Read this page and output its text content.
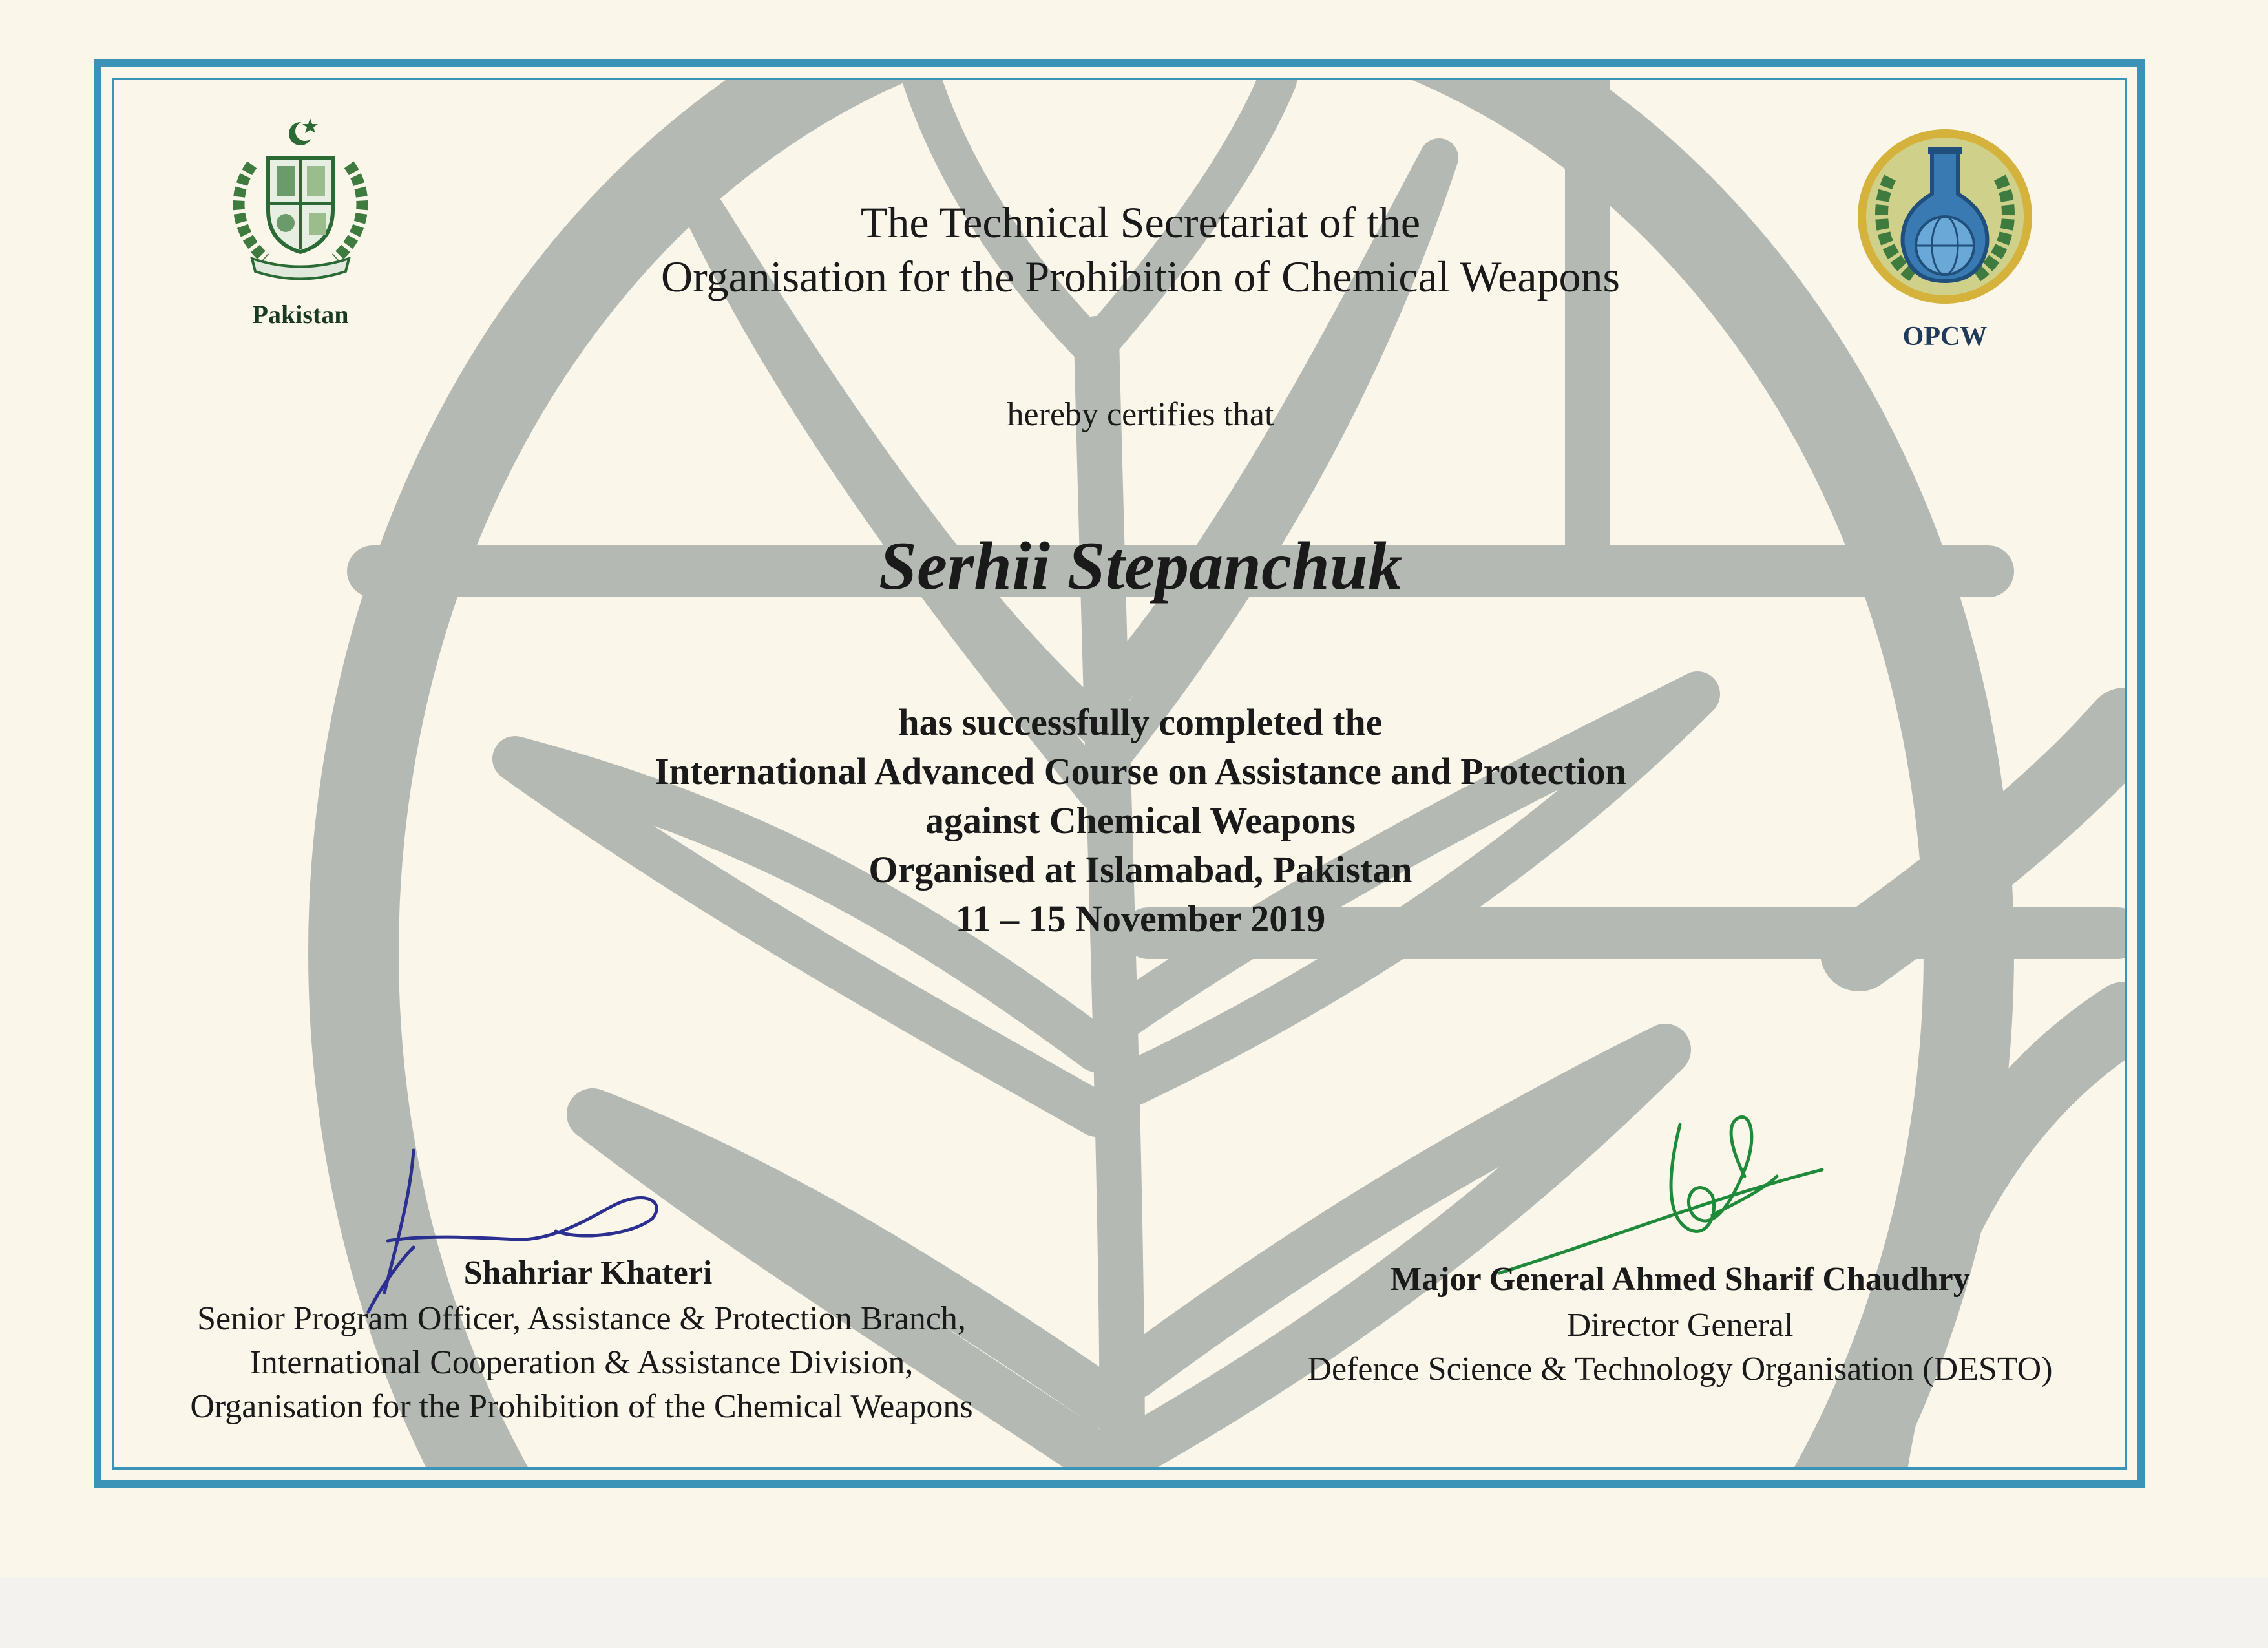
Pakistan
OPCW
The Technical Secretariat of the
Organisation for the Prohibition of Chemical Weapons
hereby certifies that
Serhii Stepanchuk
has successfully completed the
International Advanced Course on Assistance and Protection
against Chemical Weapons
Organised at Islamabad, Pakistan
11 – 15 November 2019
Shahriar Khateri
Senior Program Officer, Assistance & Protection Branch,
International Cooperation & Assistance Division,
Organisation for the Prohibition of the Chemical Weapons
Major General Ahmed Sharif Chaudhry
Director General
Defence Science & Technology Organisation (DESTO)
